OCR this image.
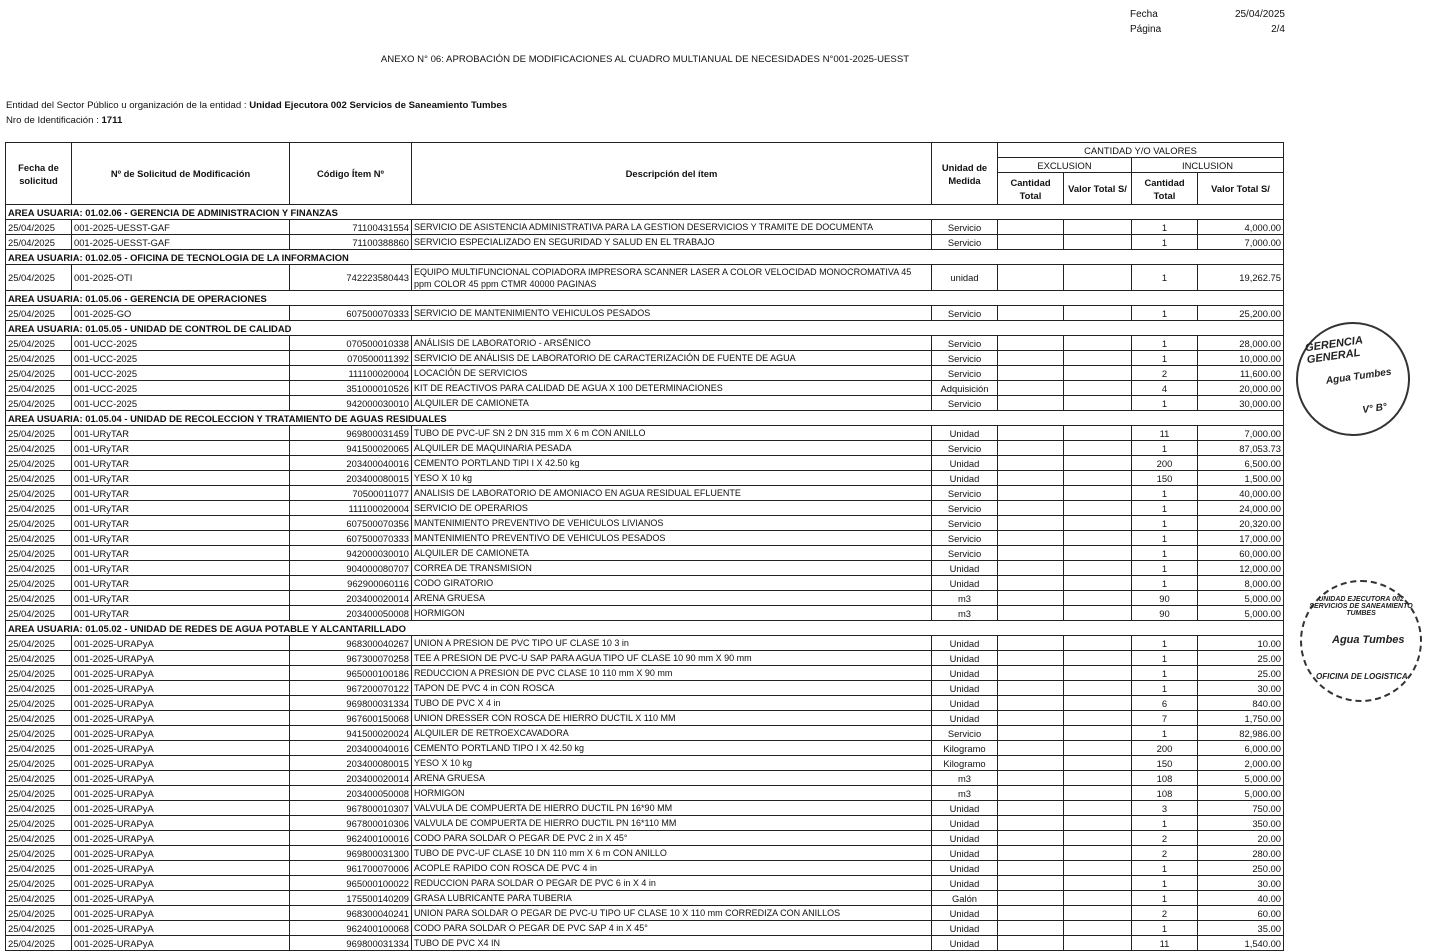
Fecha	25/04/2025
Página	2/4
ANEXO N° 06: APROBACIÓN DE MODIFICACIONES AL CUADRO MULTIANUAL DE NECESIDADES N°001-2025-UESST
Entidad del Sector Público u organización de la entidad : Unidad Ejecutora 002 Servicios de Saneamiento Tumbes
Nro de Identificación : 1711
Fecha de solicitud	Nº de Solicitud de Modificación	Código Ítem Nº	Descripción del ítem	Unidad de Medida	CANTIDAD Y/O VALORES			
					EXCLUSION		INCLUSION	
					Cantidad Total	Valor Total S/	Cantidad Total	Valor Total S/
AREA USUARIA: 01.02.06 - GERENCIA DE ADMINISTRACION Y FINANZAS								
25/04/2025	001-2025-UESST-GAF	71100431554	SERVICIO DE ASISTENCIA ADMINISTRATIVA PARA LA GESTION DESERVICIOS Y TRAMITE DE DOCUMENTA	Servicio			1	4,000.00
25/04/2025	001-2025-UESST-GAF	71100388860	SERVICIO ESPECIALIZADO EN SEGURIDAD Y SALUD EN EL TRABAJO	Servicio			1	7,000.00
AREA USUARIA: 01.02.05 - OFICINA DE TECNOLOGIA DE LA INFORMACION								
25/04/2025	001-2025-OTI	742223580443	EQUIPO MULTIFUNCIONAL COPIADORA IMPRESORA SCANNER LASER A COLOR VELOCIDAD MONOCROMATIVA 45 ppm COLOR 45 ppm CTMR 40000 PAGINAS	unidad			1	19,262.75
AREA USUARIA: 01.05.06 - GERENCIA DE OPERACIONES								
25/04/2025	001-2025-GO	607500070333	SERVICIO DE MANTENIMIENTO VEHICULOS PESADOS	Servicio			1	25,200.00
AREA USUARIA: 01.05.05 - UNIDAD DE CONTROL DE CALIDAD								
25/04/2025	001-UCC-2025	070500010338	ANÁLISIS DE LABORATORIO - ARSÉNICO	Servicio			1	28,000.00
25/04/2025	001-UCC-2025	070500011392	SERVICIO DE ANÁLISIS DE LABORATORIO DE CARACTERIZACIÓN DE FUENTE DE AGUA	Servicio			1	10,000.00
25/04/2025	001-UCC-2025	111100020004	LOCACIÓN DE SERVICIOS	Servicio			2	11,600.00
25/04/2025	001-UCC-2025	351000010526	KIT DE REACTIVOS PARA CALIDAD DE AGUA X 100 DETERMINACIONES	Adquisición			4	20,000.00
25/04/2025	001-UCC-2025	942000030010	ALQUILER DE CAMIONETA	Servicio			1	30,000.00
AREA USUARIA: 01.05.04 - UNIDAD DE RECOLECCION Y TRATAMIENTO DE AGUAS RESIDUALES								
25/04/2025	001-URyTAR	969800031459	TUBO DE PVC-UF SN 2 DN 315 mm X 6 m CON ANILLO	Unidad			11	7,000.00
25/04/2025	001-URyTAR	941500020065	ALQUILER DE MAQUINARIA PESADA	Servicio			1	87,053.73
25/04/2025	001-URyTAR	203400040016	CEMENTO PORTLAND TIPI I X 42.50 kg	Unidad			200	6,500.00
25/04/2025	001-URyTAR	203400080015	YESO X 10 kg	Unidad			150	1,500.00
25/04/2025	001-URyTAR	70500011077	ANALISIS DE LABORATORIO DE AMONIACO EN AGUA RESIDUAL EFLUENTE	Servicio			1	40,000.00
25/04/2025	001-URyTAR	111100020004	SERVICIO DE OPERARIOS	Servicio			1	24,000.00
25/04/2025	001-URyTAR	607500070356	MANTENIMIENTO PREVENTIVO DE VEHICULOS LIVIANOS	Servicio			1	20,320.00
25/04/2025	001-URyTAR	607500070333	MANTENIMIENTO PREVENTIVO DE VEHICULOS PESADOS	Servicio			1	17,000.00
25/04/2025	001-URyTAR	942000030010	ALQUILER DE CAMIONETA	Servicio			1	60,000.00
25/04/2025	001-URyTAR	904000080707	CORREA DE TRANSMISION	Unidad			1	12,000.00
25/04/2025	001-URyTAR	962900060116	CODO GIRATORIO	Unidad			1	8,000.00
25/04/2025	001-URyTAR	203400020014	ARENA GRUESA	m3			90	5,000.00
25/04/2025	001-URyTAR	203400050008	HORMIGON	m3			90	5,000.00
AREA USUARIA: 01.05.02 - UNIDAD DE REDES DE AGUA POTABLE Y ALCANTARILLADO								
25/04/2025	001-2025-URAPyA	968300040267	UNION A PRESION DE PVC TIPO UF CLASE 10 3 in	Unidad			1	10.00
25/04/2025	001-2025-URAPyA	967300070258	TEE A PRESION DE PVC-U SAP PARA AGUA TIPO UF CLASE 10 90 mm X 90 mm	Unidad			1	25.00
25/04/2025	001-2025-URAPyA	965000100186	REDUCCION A PRESION DE PVC CLASE 10 110 mm X 90 mm	Unidad			1	25.00
25/04/2025	001-2025-URAPyA	967200070122	TAPON DE PVC 4 in CON ROSCA	Unidad			1	30.00
25/04/2025	001-2025-URAPyA	969800031334	TUBO DE PVC X 4 in	Unidad			6	840.00
25/04/2025	001-2025-URAPyA	967600150068	UNION DRESSER CON ROSCA DE HIERRO DUCTIL X 110 MM	Unidad			7	1,750.00
25/04/2025	001-2025-URAPyA	941500020024	ALQUILER DE RETROEXCAVADORA	Servicio			1	82,986.00
25/04/2025	001-2025-URAPyA	203400040016	CEMENTO PORTLAND TIPO I X 42.50 kg	Kilogramo			200	6,000.00
25/04/2025	001-2025-URAPyA	203400080015	YESO X 10 kg	Kilogramo			150	2,000.00
25/04/2025	001-2025-URAPyA	203400020014	ARENA GRUESA	m3			108	5,000.00
25/04/2025	001-2025-URAPyA	203400050008	HORMIGON	m3			108	5,000.00
25/04/2025	001-2025-URAPyA	967800010307	VALVULA DE COMPUERTA DE HIERRO DUCTIL PN 16*90 MM	Unidad			3	750.00
25/04/2025	001-2025-URAPyA	967800010306	VALVULA DE COMPUERTA DE HIERRO DUCTIL PN 16*110 MM	Unidad			1	350.00
25/04/2025	001-2025-URAPyA	962400100016	CODO PARA SOLDAR O PEGAR DE PVC 2 in X 45°	Unidad			2	20.00
25/04/2025	001-2025-URAPyA	969800031300	TUBO DE PVC-UF CLASE 10 DN 110 mm X 6 m CON ANILLO	Unidad			2	280.00
25/04/2025	001-2025-URAPyA	961700070006	ACOPLE RAPIDO CON ROSCA DE PVC 4 in	Unidad			1	250.00
25/04/2025	001-2025-URAPyA	965000100022	REDUCCION PARA SOLDAR O PEGAR DE PVC 6 in X 4 in	Unidad			1	30.00
25/04/2025	001-2025-URAPyA	175500140209	GRASA LUBRICANTE PARA TUBERIA	Galón			1	40.00
25/04/2025	001-2025-URAPyA	968300040241	UNION PARA SOLDAR O PEGAR DE PVC-U TIPO UF CLASE 10 X 110 mm CORREDIZA CON ANILLOS	Unidad			2	60.00
25/04/2025	001-2025-URAPyA	962400100068	CODO PARA SOLDAR O PEGAR DE PVC SAP 4 in X 45°	Unidad			1	35.00
25/04/2025	001-2025-URAPyA	969800031334	TUBO DE PVC X4 IN	Unidad			11	1,540.00
GERENCIA GENERAL
Agua Tumbes
V° B°
UNIDAD EJECUTORA 002 SERVICIOS DE SANEAMIENTO TUMBES
Agua Tumbes
OFICINA DE LOGISTICA
